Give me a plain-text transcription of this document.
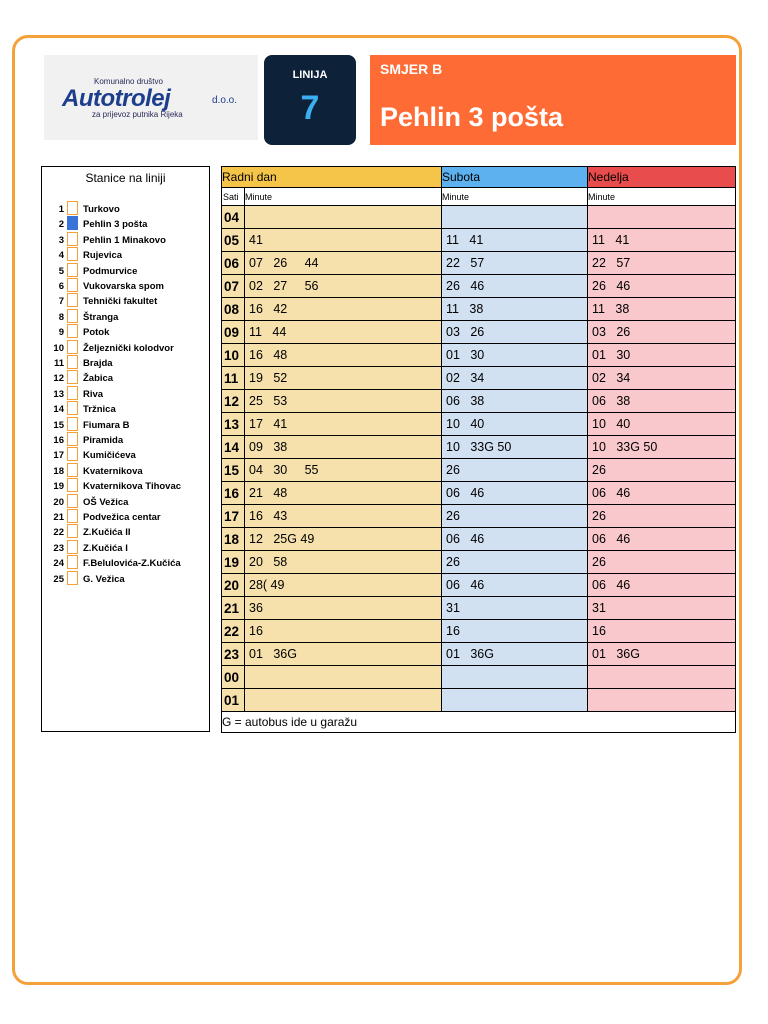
Komunalno društvo
Autotrolej	d.o.o.
za prijevoz putnika Rijeka
LINIJA
7
SMJER B
Pehlin 3 pošta
Stanice na liniji
1 Turkovo
2 Pehlin 3 pošta
3 Pehlin 1 Minakovo
4 Rujevica
5 Podmurvice
6 Vukovarska spom
7 Tehnički fakultet
8 Štranga
9 Potok
10 Željeznički kolodvor
11 Brajda
12 Žabica
13 Riva
14 Tržnica
15 Fiumara B
16 Piramida
17 Kumičićeva
18 Kvaternikova
19 Kvaternikova Tihovac
20 OŠ Vežica
21 Podvežica centar
22 Z.Kučića II
23 Z.Kučića I
24 F.Belulovića-Z.Kučića
25 G. Vežica
Radni dan		Subota	Nedelja
Sati	Minute	Minute	Minute
04			
05	41	11   41	11   41
06	07   26     44	22   57	22   57
07	02   27     56	26   46	26   46
08	16   42	11   38	11   38
09	11   44	03   26	03   26
10	16   48	01   30	01   30
11	19   52	02   34	02   34
12	25   53	06   38	06   38
13	17   41	10   40	10   40
14	09   38	10   33G 50	10   33G 50
15	04   30     55	26	26
16	21   48	06   46	06   46
17	16   43	26	26
18	12   25G 49	06   46	06   46
19	20   58	26	26
20	28( 49	06   46	06   46
21	36	31	31
22	16	16	16
23	01   36G	01   36G	01   36G
00			
01			
G = autobus ide u garažu			
